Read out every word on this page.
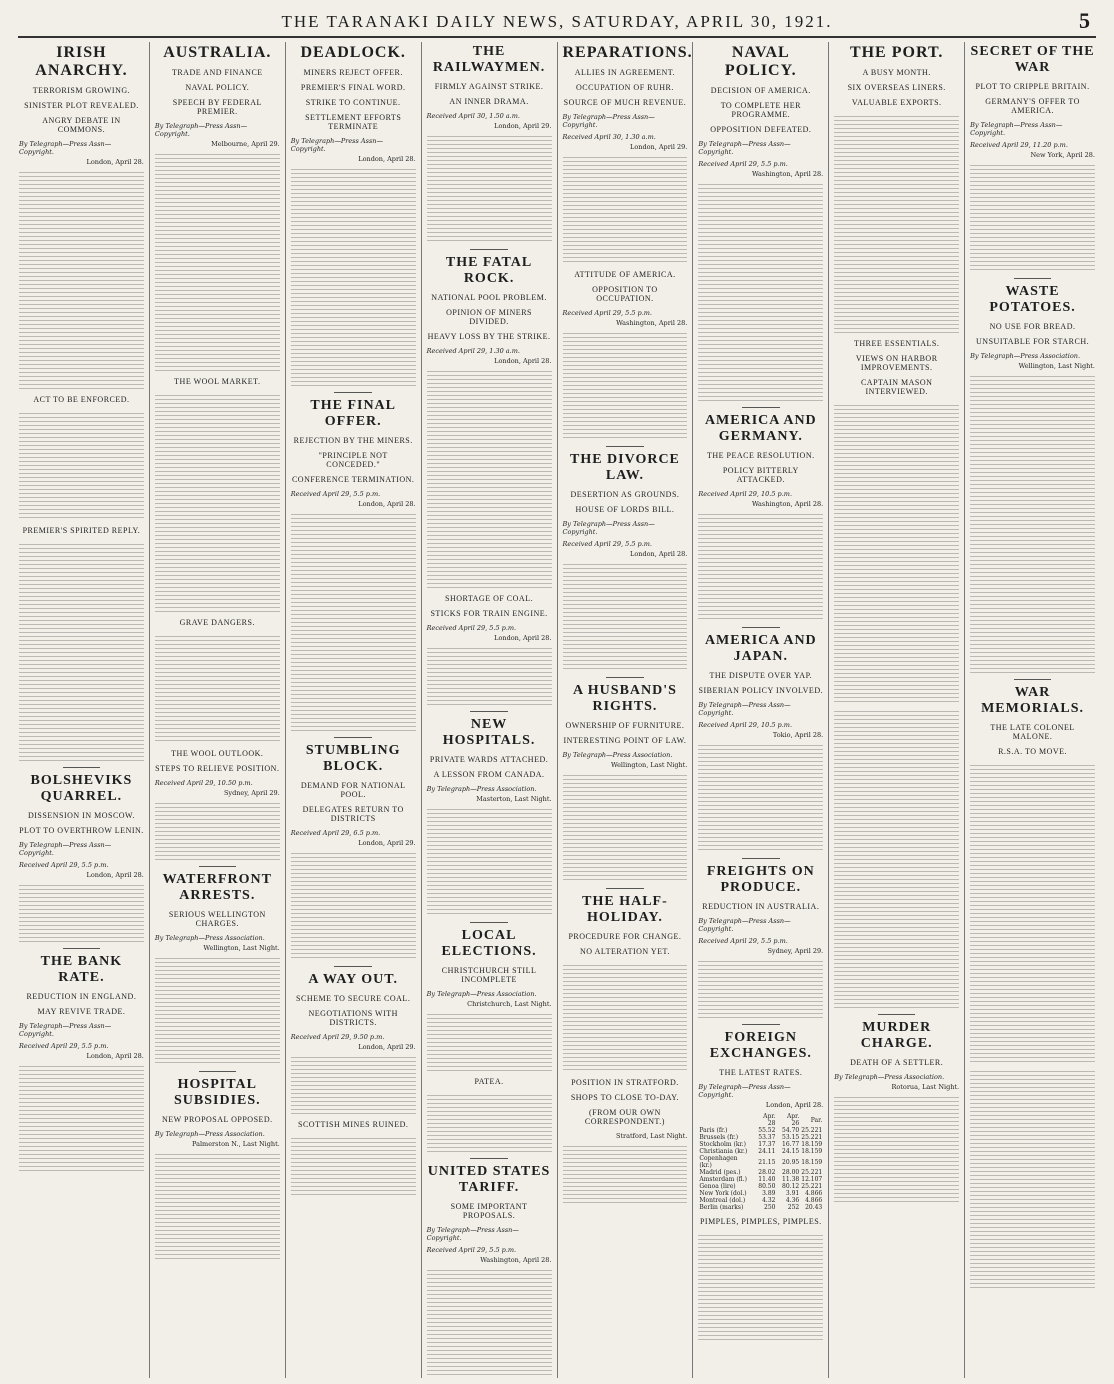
THE TARANAKI DAILY NEWS, SATURDAY, APRIL 30, 1921.	5
IRISH ANARCHY.
TERRORISM GROWING.
SINISTER PLOT REVEALED.
ANGRY DEBATE IN COMMONS.
By Telegraph—Press Assn—Copyright.
London, April 28.
ACT TO BE ENFORCED.
PREMIER'S SPIRITED REPLY.
BOLSHEVIKS QUARREL.
DISSENSION IN MOSCOW.
PLOT TO OVERTHROW LENIN.
By Telegraph—Press Assn—Copyright.
Received April 29, 5.5 p.m.
London, April 28.
THE BANK RATE.
REDUCTION IN ENGLAND.
MAY REVIVE TRADE.
By Telegraph—Press Assn—Copyright.
Received April 29, 5.5 p.m.
London, April 28.
AUSTRALIA.
TRADE AND FINANCE
NAVAL POLICY.
SPEECH BY FEDERAL PREMIER.
By Telegraph—Press Assn—Copyright.
Melbourne, April 29.
THE WOOL MARKET.
GRAVE DANGERS.
THE WOOL OUTLOOK.
STEPS TO RELIEVE POSITION.
Received April 29, 10.50 p.m.
Sydney, April 29.
WATERFRONT ARRESTS.
SERIOUS WELLINGTON CHARGES.
By Telegraph—Press Association.
Wellington, Last Night.
HOSPITAL SUBSIDIES.
NEW PROPOSAL OPPOSED.
By Telegraph—Press Association.
Palmerston N., Last Night.
DEADLOCK.
MINERS REJECT OFFER.
PREMIER'S FINAL WORD.
STRIKE TO CONTINUE.
SETTLEMENT EFFORTS TERMINATE
By Telegraph—Press Assn—Copyright.
London, April 28.
THE FINAL OFFER.
REJECTION BY THE MINERS.
"PRINCIPLE NOT CONCEDED."
CONFERENCE TERMINATION.
Received April 29, 5.5 p.m.
London, April 28.
STUMBLING BLOCK.
DEMAND FOR NATIONAL POOL.
DELEGATES RETURN TO DISTRICTS
Received April 29, 6.5 p.m.
London, April 29.
A WAY OUT.
SCHEME TO SECURE COAL.
NEGOTIATIONS WITH DISTRICTS.
Received April 29, 9.50 p.m.
London, April 29.
SCOTTISH MINES RUINED.
THE RAILWAYMEN.
FIRMLY AGAINST STRIKE.
AN INNER DRAMA.
Received April 30, 1.50 a.m.
London, April 29.
THE FATAL ROCK.
NATIONAL POOL PROBLEM.
OPINION OF MINERS DIVIDED.
HEAVY LOSS BY THE STRIKE.
Received April 29, 1.30 a.m.
London, April 28.
SHORTAGE OF COAL.
STICKS FOR TRAIN ENGINE.
Received April 29, 5.5 p.m.
London, April 28.
NEW HOSPITALS.
PRIVATE WARDS ATTACHED.
A LESSON FROM CANADA.
By Telegraph—Press Association.
Masterton, Last Night.
LOCAL ELECTIONS.
CHRISTCHURCH STILL INCOMPLETE
By Telegraph—Press Association.
Christchurch, Last Night.
PATEA.
UNITED STATES TARIFF.
SOME IMPORTANT PROPOSALS.
By Telegraph—Press Assn—Copyright.
Received April 29, 5.5 p.m.
Washington, April 28.
REPARATIONS.
ALLIES IN AGREEMENT.
OCCUPATION OF RUHR.
SOURCE OF MUCH REVENUE.
By Telegraph—Press Assn—Copyright.
Received April 30, 1.30 a.m.
London, April 29.
ATTITUDE OF AMERICA.
OPPOSITION TO OCCUPATION.
Received April 29, 5.5 p.m.
Washington, April 28.
THE DIVORCE LAW.
DESERTION AS GROUNDS.
HOUSE OF LORDS BILL.
By Telegraph—Press Assn—Copyright.
Received April 29, 5.5 p.m.
London, April 28.
A HUSBAND'S RIGHTS.
OWNERSHIP OF FURNITURE.
INTERESTING POINT OF LAW.
By Telegraph—Press Association.
Wellington, Last Night.
THE HALF-HOLIDAY.
PROCEDURE FOR CHANGE.
NO ALTERATION YET.
POSITION IN STRATFORD.
SHOPS TO CLOSE TO-DAY.
(FROM OUR OWN CORRESPONDENT.)
Stratford, Last Night.
NAVAL POLICY.
DECISION OF AMERICA.
TO COMPLETE HER PROGRAMME.
OPPOSITION DEFEATED.
By Telegraph—Press Assn—Copyright.
Received April 29, 5.5 p.m.
Washington, April 28.
AMERICA AND GERMANY.
THE PEACE RESOLUTION.
POLICY BITTERLY ATTACKED.
Received April 29, 10.5 p.m.
Washington, April 28.
AMERICA AND JAPAN.
THE DISPUTE OVER YAP.
SIBERIAN POLICY INVOLVED.
By Telegraph—Press Assn—Copyright.
Received April 29, 10.5 p.m.
Tokio, April 28.
FREIGHTS ON PRODUCE.
REDUCTION IN AUSTRALIA.
By Telegraph—Press Assn—Copyright.
Received April 29, 5.5 p.m.
Sydney, April 29.
FOREIGN EXCHANGES.
THE LATEST RATES.
By Telegraph—Press Assn—Copyright.
London, April 28.
	Apr. 28	Apr. 26	Par.
Paris (fr.)	55.52	54.70	25.221
Brussels (fr.)	53.37	53.15	25.221
Stockholm (kr.)	17.37	16.77	18.159
Christiania (kr.)	24.11	24.15	18.159
Copenhagen (kr.)	21.15	20.95	18.159
Madrid (pes.)	28.02	28.00	25.221
Amsterdam (fl.)	11.40	11.38	12.107
Genoa (lire)	80.50	80.12	25.221
New York (dol.)	3.89	3.91	4.866
Montreal (dol.)	4.32	4.36	4.866
Berlin (marks)	250	252	20.43
PIMPLES, PIMPLES, PIMPLES.
THE PORT.
A BUSY MONTH.
SIX OVERSEAS LINERS.
VALUABLE EXPORTS.
THREE ESSENTIALS.
VIEWS ON HARBOR IMPROVEMENTS.
CAPTAIN MASON INTERVIEWED.
MURDER CHARGE.
DEATH OF A SETTLER.
By Telegraph—Press Association.
Rotorua, Last Night.
SECRET OF THE WAR
PLOT TO CRIPPLE BRITAIN.
GERMANY'S OFFER TO AMERICA.
By Telegraph—Press Assn—Copyright.
Received April 29, 11.20 p.m.
New York, April 28.
WASTE POTATOES.
NO USE FOR BREAD.
UNSUITABLE FOR STARCH.
By Telegraph—Press Association.
Wellington, Last Night.
WAR MEMORIALS.
THE LATE COLONEL MALONE.
R.S.A. TO MOVE.
